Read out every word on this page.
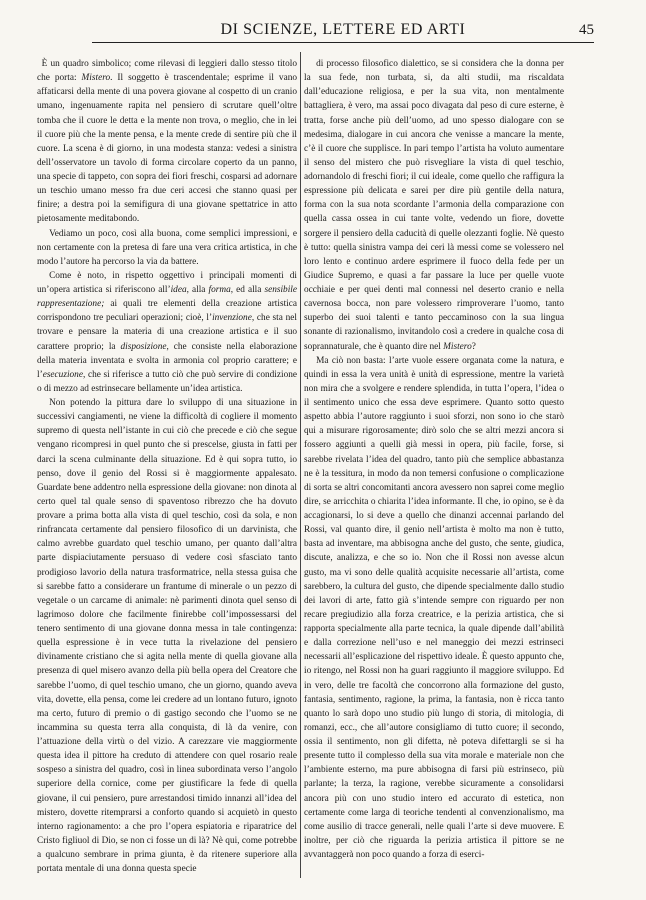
DI SCIENZE, LETTERE ED ARTI	45

È un quadro simbolico; come rilevasi di leggieri dallo stesso titolo che porta: Mistero. Il soggetto è trascendentale; esprime il vano affaticarsi della mente di una povera giovane al cospetto di un cranio umano, ingenuamente rapita nel pensiero di scrutare quell’oltre tomba che il cuore le detta e la mente non trova, o meglio, che in lei il cuore più che la mente pensa, e la mente crede di sentire più che il cuore. La scena è di giorno, in una modesta stanza: vedesi a sinistra dell’osservatore un tavolo di forma circolare coperto da un panno, una specie di tappeto, con sopra dei fiori freschi, cosparsi ad adornare un teschio umano messo fra due ceri accesi che stanno quasi per finire; a destra poi la semifigura di una giovane spettatrice in atto pietosamente meditabondo.

Vediamo un poco, così alla buona, come semplici impressioni, e non certamente con la pretesa di fare una vera critica artistica, in che modo l’autore ha percorso la via da battere.

Come è noto, in rispetto oggettivo i principali momenti di un’opera artistica si riferiscono all’idea, alla forma, ed alla sensibile rappresentazione; ai quali tre elementi della creazione artistica corrispondono tre peculiari operazioni; cioè, l’invenzione, che sta nel trovare e pensare la materia di una creazione artistica e il suo carattere proprio; la disposizione, che consiste nella elaborazione della materia inventata e svolta in armonia col proprio carattere; e l’esecuzione, che si riferisce a tutto ciò che può servire di condizione o di mezzo ad estrinsecare bellamente un’idea artistica.

Non potendo la pittura dare lo sviluppo di una situazione in successivi cangiamenti, ne viene la difficoltà di cogliere il momento supremo di questa nell’istante in cui ciò che precede e ciò che segue vengano ricompresi in quel punto che si prescelse, giusta in fatti per darci la scena culminante della situazione. Ed è qui sopra tutto, io penso, dove il genio del Rossi si è maggiormente appalesato. Guardate bene addentro nella espressione della giovane: non dinota al certo quel tal quale senso di spaventoso ribrezzo che ha dovuto provare a prima botta alla vista di quel teschio, così da sola, e non rinfrancata certamente dal pensiero filosofico di un darvinista, che calmo avrebbe guardato quel teschio umano, per quanto dall’altra parte dispiaciutamente persuaso di vedere così sfasciato tanto prodigioso lavorio della natura trasformatrice, nella stessa guisa che si sarebbe fatto a considerare un frantume di minerale o un pezzo di vegetale o un carcame di animale: nè parimenti dinota quel senso di lagrimoso dolore che facilmente finirebbe coll’impossessarsi del tenero sentimento di una giovane donna messa in tale contingenza: quella espressione è in vece tutta la rivelazione del pensiero divinamente cristiano che si agita nella mente di quella giovane alla presenza di quel misero avanzo della più bella opera del Creatore che sarebbe l’uomo, di quel teschio umano, che un giorno, quando aveva vita, dovette, ella pensa, come lei credere ad un lontano futuro, ignoto ma certo, futuro di premio o di gastigo secondo che l’uomo se ne incammina su questa terra alla conquista, di là da venire, con l’attuazione della virtù o del vizio. A carezzare vie maggiormente questa idea il pittore ha creduto di attendere con quel rosario reale sospeso a sinistra del quadro, così in linea subordinata verso l’angolo superiore della cornice, come per giustificare la fede di quella giovane, il cui pensiero, pure arrestandosi timido innanzi all’idea del mistero, dovette ritemprarsi a conforto quando si acquietò in questo interno ragionamento: a che pro l’opera espiatoria e riparatrice del Cristo figliuol di Dio, se non ci fosse un di là? Nè qui, come potrebbe a qualcuno sembrare in prima giunta, è da ritenere superiore alla portata mentale di una donna questa specie

di processo filosofico dialettico, se si considera che la donna per la sua fede, non turbata, si, da alti studii, ma riscaldata dall’educazione religiosa, e per la sua vita, non mentalmente battagliera, è vero, ma assai poco divagata dal peso di cure esterne, è tratta, forse anche più dell’uomo, ad uno spesso dialogare con se medesima, dialogare in cui ancora che venisse a mancare la mente, c’è il cuore che supplisce. In pari tempo l’artista ha voluto aumentare il senso del mistero che può risvegliare la vista di quel teschio, adornandolo di freschi fiori; il cui ideale, come quello che raffigura la espressione più delicata e sarei per dire più gentile della natura, forma con la sua nota scordante l’armonia della comparazione con quella cassa ossea in cui tante volte, vedendo un fiore, dovette sorgere il pensiero della caducità di quelle olezzanti foglie. Nè questo è tutto: quella sinistra vampa dei ceri là messi come se volessero nel loro lento e continuo ardere esprimere il fuoco della fede per un Giudice Supremo, e quasi a far passare la luce per quelle vuote occhiaie e per quei denti mal connessi nel deserto cranio e nella cavernosa bocca, non pare volessero rimproverare l’uomo, tanto superbo dei suoi talenti e tanto peccaminoso con la sua lingua sonante di razionalismo, invitandolo così a credere in qualche cosa di soprannaturale, che è quanto dire nel Mistero?

Ma ciò non basta: l’arte vuole essere organata come la natura, e quindi in essa la vera unità è unità di espressione, mentre la varietà non mira che a svolgere e rendere splendida, in tutta l’opera, l’idea o il sentimento unico che essa deve esprimere. Quanto sotto questo aspetto abbia l’autore raggiunto i suoi sforzi, non sono io che starò qui a misurare rigorosamente; dirò solo che se altri mezzi ancora si fossero aggiunti a quelli già messi in opera, più facile, forse, si sarebbe rivelata l’idea del quadro, tanto più che semplice abbastanza ne è la tessitura, in modo da non temersi confusione o complicazione di sorta se altri concomitanti ancora avessero non saprei come meglio dire, se arricchita o chiarita l’idea informante. Il che, io opino, se è da accagionarsi, lo si deve a quello che dinanzi accennai parlando del Rossi, val quanto dire, il genio nell’artista è molto ma non è tutto, basta ad inventare, ma abbisogna anche del gusto, che sente, giudica, discute, analizza, e che so io. Non che il Rossi non avesse alcun gusto, ma vi sono delle qualità acquisite necessarie all’artista, come sarebbero, la cultura del gusto, che dipende specialmente dallo studio dei lavori di arte, fatto già s’intende sempre con riguardo per non recare pregiudizio alla forza creatrice, e la perizia artistica, che si rapporta specialmente alla parte tecnica, la quale dipende dall’abilità e dalla correzione nell’uso e nel maneggio dei mezzi estrinseci necessarii all’esplicazione del rispettivo ideale. È questo appunto che, io ritengo, nel Rossi non ha guari raggiunto il maggiore sviluppo. Ed in vero, delle tre facoltà che concorrono alla formazione del gusto, fantasia, sentimento, ragione, la prima, la fantasia, non è ricca tanto quanto lo sarà dopo uno studio più lungo di storia, di mitologia, di romanzi, ecc., che all’autore consigliamo di tutto cuore; il secondo, ossia il sentimento, non gli difetta, nè poteva difettargli se si ha presente tutto il complesso della sua vita morale e materiale non che l’ambiente esterno, ma pure abbisogna di farsi più estrinseco, più parlante; la terza, la ragione, verebbe sicuramente a consolidarsi ancora più con uno studio intero ed accurato di estetica, non certamente come larga di teoriche tendenti al convenzionalismo, ma come ausilio di tracce generali, nelle quali l’arte si deve muovere. E inoltre, per ciò che riguarda la perizia artistica il pittore se ne avvantaggerà non poco quando a forza di eserci-
